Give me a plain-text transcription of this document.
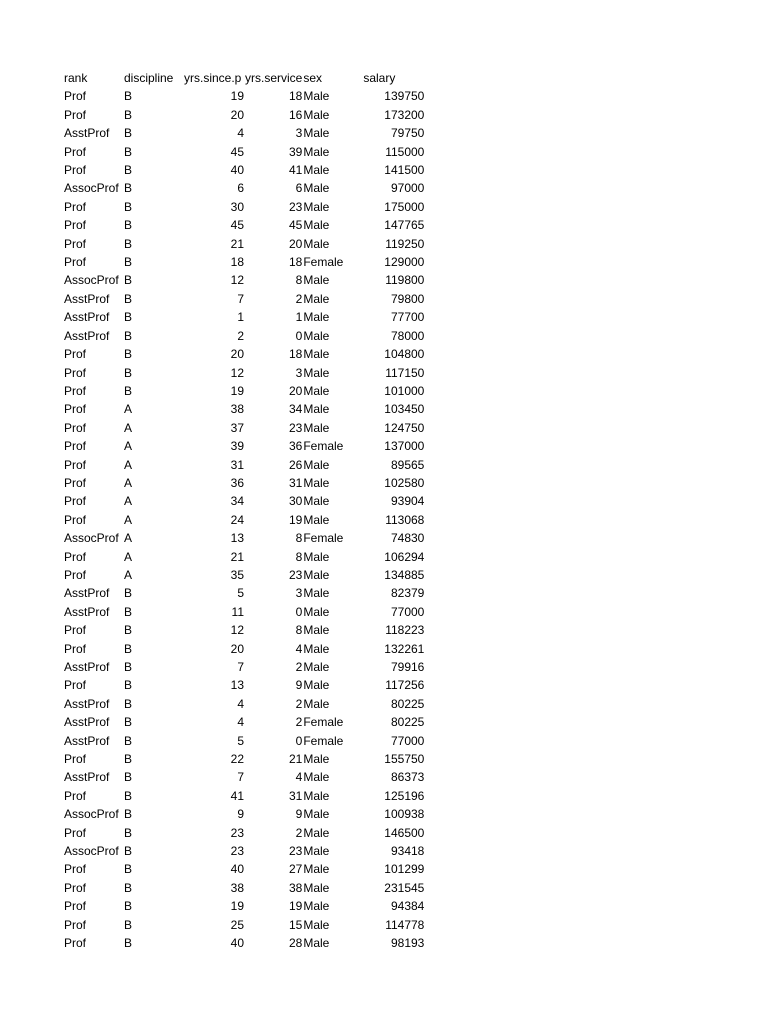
rank	discipline	yrs.since.p	yrs.service	sex	salary
Prof	B	19	18	Male	139750
Prof	B	20	16	Male	173200
AsstProf	B	4	3	Male	79750
Prof	B	45	39	Male	115000
Prof	B	40	41	Male	141500
AssocProf	B	6	6	Male	97000
Prof	B	30	23	Male	175000
Prof	B	45	45	Male	147765
Prof	B	21	20	Male	119250
Prof	B	18	18	Female	129000
AssocProf	B	12	8	Male	119800
AsstProf	B	7	2	Male	79800
AsstProf	B	1	1	Male	77700
AsstProf	B	2	0	Male	78000
Prof	B	20	18	Male	104800
Prof	B	12	3	Male	117150
Prof	B	19	20	Male	101000
Prof	A	38	34	Male	103450
Prof	A	37	23	Male	124750
Prof	A	39	36	Female	137000
Prof	A	31	26	Male	89565
Prof	A	36	31	Male	102580
Prof	A	34	30	Male	93904
Prof	A	24	19	Male	113068
AssocProf	A	13	8	Female	74830
Prof	A	21	8	Male	106294
Prof	A	35	23	Male	134885
AsstProf	B	5	3	Male	82379
AsstProf	B	11	0	Male	77000
Prof	B	12	8	Male	118223
Prof	B	20	4	Male	132261
AsstProf	B	7	2	Male	79916
Prof	B	13	9	Male	117256
AsstProf	B	4	2	Male	80225
AsstProf	B	4	2	Female	80225
AsstProf	B	5	0	Female	77000
Prof	B	22	21	Male	155750
AsstProf	B	7	4	Male	86373
Prof	B	41	31	Male	125196
AssocProf	B	9	9	Male	100938
Prof	B	23	2	Male	146500
AssocProf	B	23	23	Male	93418
Prof	B	40	27	Male	101299
Prof	B	38	38	Male	231545
Prof	B	19	19	Male	94384
Prof	B	25	15	Male	114778
Prof	B	40	28	Male	98193
